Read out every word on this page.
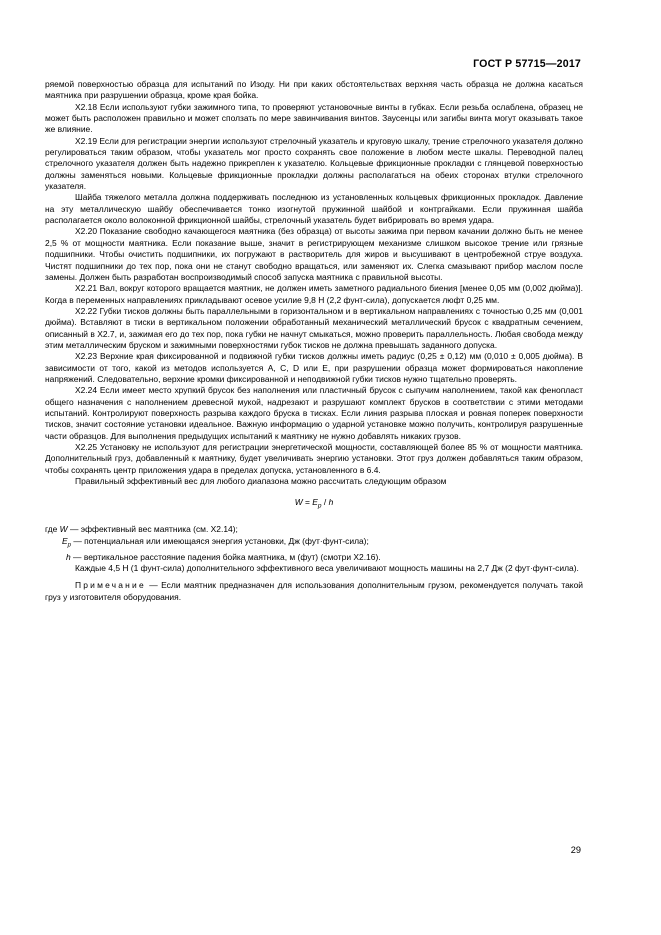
ГОСТ Р 57715—2017

ряемой поверхностью образца для испытаний по Изоду. Ни при каких обстоятельствах верхняя часть образца не должна касаться маятника при разрушении образца, кроме края бойка.

Х2.18 Если используют губки зажимного типа, то проверяют установочные винты в губках. Если резьба ослаблена, образец не может быть расположен правильно и может сползать по мере завинчивания винтов. Заусенцы или загибы винта могут оказывать такое же влияние.

Х2.19 Если для регистрации энергии используют стрелочный указатель и круговую шкалу, трение стрелочного указателя должно регулироваться таким образом, чтобы указатель мог просто сохранять свое положение в любом месте шкалы. Переводной палец стрелочного указателя должен быть надежно прикреплен к указателю. Кольцевые фрикционные прокладки с глянцевой поверхностью должны заменяться новыми. Кольцевые фрикционные прокладки должны располагаться на обеих сторонах втулки стрелочного указателя.

Шайба тяжелого металла должна поддерживать последнюю из установленных кольцевых фрикционных прокладок. Давление на эту металлическую шайбу обеспечивается тонко изогнутой пружинной шайбой и контргайками. Если пружинная шайба располагается около волоконной фрикционной шайбы, стрелочный указатель будет вибрировать во время удара.

Х2.20 Показание свободно качающегося маятника (без образца) от высоты зажима при первом качании должно быть не менее 2,5 % от мощности маятника. Если показание выше, значит в регистрирующем механизме слишком высокое трение или грязные подшипники. Чтобы очистить подшипники, их погружают в растворитель для жиров и высушивают в центробежной струе воздуха. Чистят подшипники до тех пор, пока они не станут свободно вращаться, или заменяют их. Слегка смазывают прибор маслом после замены. Должен быть разработан воспроизводимый способ запуска маятника с правильной высоты.

Х2.21 Вал, вокруг которого вращается маятник, не должен иметь заметного радиального биения [менее 0,05 мм (0,002 дюйма)]. Когда в переменных направлениях прикладывают осевое усилие 9,8 Н (2,2 фунт-сила), допускается люфт 0,25 мм.

Х2.22 Губки тисков должны быть параллельными в горизонтальном и в вертикальном направлениях с точностью 0,25 мм (0,001 дюйма). Вставляют в тиски в вертикальном положении обработанный механический металлический брусок с квадратным сечением, описанный в Х2.7, и, зажимая его до тех пор, пока губки не начнут смыкаться, можно проверить параллельность. Любая свобода между этим металлическим бруском и зажимными поверхностями губок тисков не должна превышать заданного допуска.

Х2.23 Верхние края фиксированной и подвижной губки тисков должны иметь радиус (0,25 ± 0,12) мм (0,010 ± 0,005 дюйма). В зависимости от того, какой из методов используется А, С, D или Е, при разрушении образца может формироваться накопление напряжений. Следовательно, верхние кромки фиксированной и неподвижной губки тисков нужно тщательно проверять.

Х2.24 Если имеет место хрупкий брусок без наполнения или пластичный брусок с сыпучим наполнением, такой как фенопласт общего назначения с наполнением древесной мукой, надрезают и разрушают комплект брусков в соответствии с этими методами испытаний. Контролируют поверхность разрыва каждого бруска в тисках. Если линия разрыва плоская и ровная поперек поверхности тисков, значит состояние установки идеальное. Важную информацию о ударной установке можно получить, контролируя разрушенные части образцов. Для выполнения предыдущих испытаний к маятнику не нужно добавлять никаких грузов.

Х2.25 Установку не используют для регистрации энергетической мощности, составляющей более 85 % от мощности маятника. Дополнительный груз, добавленный к маятнику, будет увеличивать энергию установки. Этот груз должен добавляться таким образом, чтобы сохранять центр приложения удара в пределах допуска, установленного в 6.4.

Правильный эффективный вес для любого диапазона можно рассчитать следующим образом

$W = E_p / h$

где W — эффективный вес маятника (см. Х2.14);

$E_p$ — потенциальная или имеющаяся энергия установки, Дж (фут·фунт-сила);

h — вертикальное расстояние падения бойка маятника, м (фут) (смотри Х2.16).

Каждые 4,5 Н (1 фунт-сила) дополнительного эффективного веса увеличивают мощность машины на 2,7 Дж (2 фут·фунт-сила).

Примечание — Если маятник предназначен для использования дополнительным грузом, рекомендуется получать такой груз у изготовителя оборудования.

29
